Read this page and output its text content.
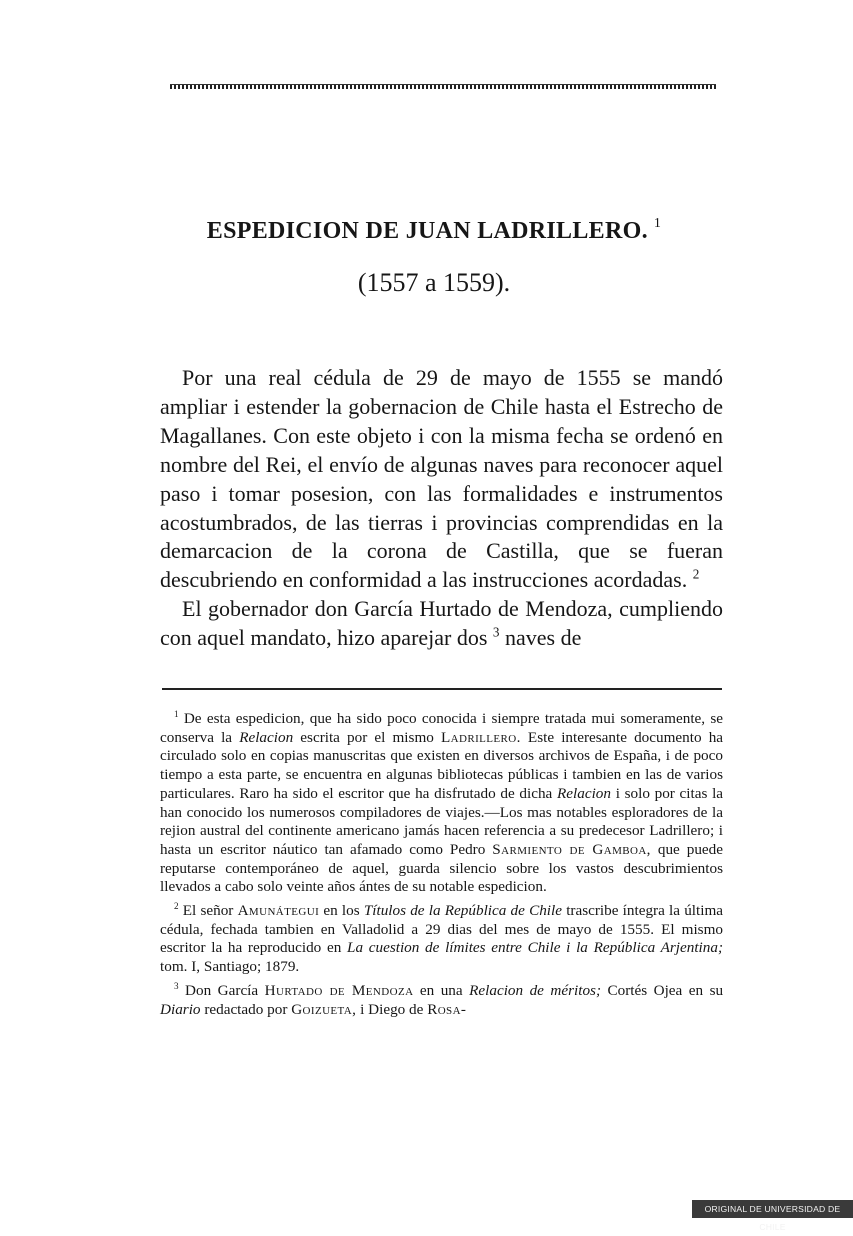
ESPEDICION DE JUAN LADRILLERO. $^1$
(1557 a 1559).

Por una real cédula de 29 de mayo de 1555 se mandó ampliar i estender la gobernacion de Chile hasta el Estrecho de Magallanes. Con este objeto i con la misma fecha se ordenó en nombre del Rei, el envío de algunas naves para reconocer aquel paso i tomar posesion, con las formalidades e instrumentos acostumbrados, de las tierras i provincias comprendidas en la demarcacion de la corona de Castilla, que se fueran descubriendo en conformidad a las instrucciones acordadas. $^2$

El gobernador don García Hurtado de Mendoza, cumpliendo con aquel mandato, hizo aparejar dos $^3$ naves de

$^1$ De esta espedicion, que ha sido poco conocida i siempre tratada mui someramente, se conserva la Relacion escrita por el mismo Ladrillero. Este interesante documento ha circulado solo en copias manuscritas que existen en diversos archivos de España, i de poco tiempo a esta parte, se encuentra en algunas bibliotecas públicas i tambien en las de varios particulares. Raro ha sido el escritor que ha disfrutado de dicha Relacion i solo por citas la han conocido los numerosos compiladores de viajes.—Los mas notables esploradores de la rejion austral del continente americano jamás hacen referencia a su predecesor Ladrillero; i hasta un escritor náutico tan afamado como Pedro Sarmiento de Gamboa, que puede reputarse contemporáneo de aquel, guarda silencio sobre los vastos descubrimientos llevados a cabo solo veinte años ántes de su notable espedicion.

$^2$ El señor Amunátegui en los Títulos de la República de Chile trascribe íntegra la última cédula, fechada tambien en Valladolid a 29 dias del mes de mayo de 1555. El mismo escritor la ha reproducido en La cuestion de límites entre Chile i la República Arjentina; tom. I, Santiago; 1879.

$^3$ Don García Hurtado de Mendoza en una Relacion de méritos; Cortés Ojea en su Diario redactado por Goizueta, i Diego de Rosa-

ORIGINAL DE UNIVERSIDAD DE CHILE
